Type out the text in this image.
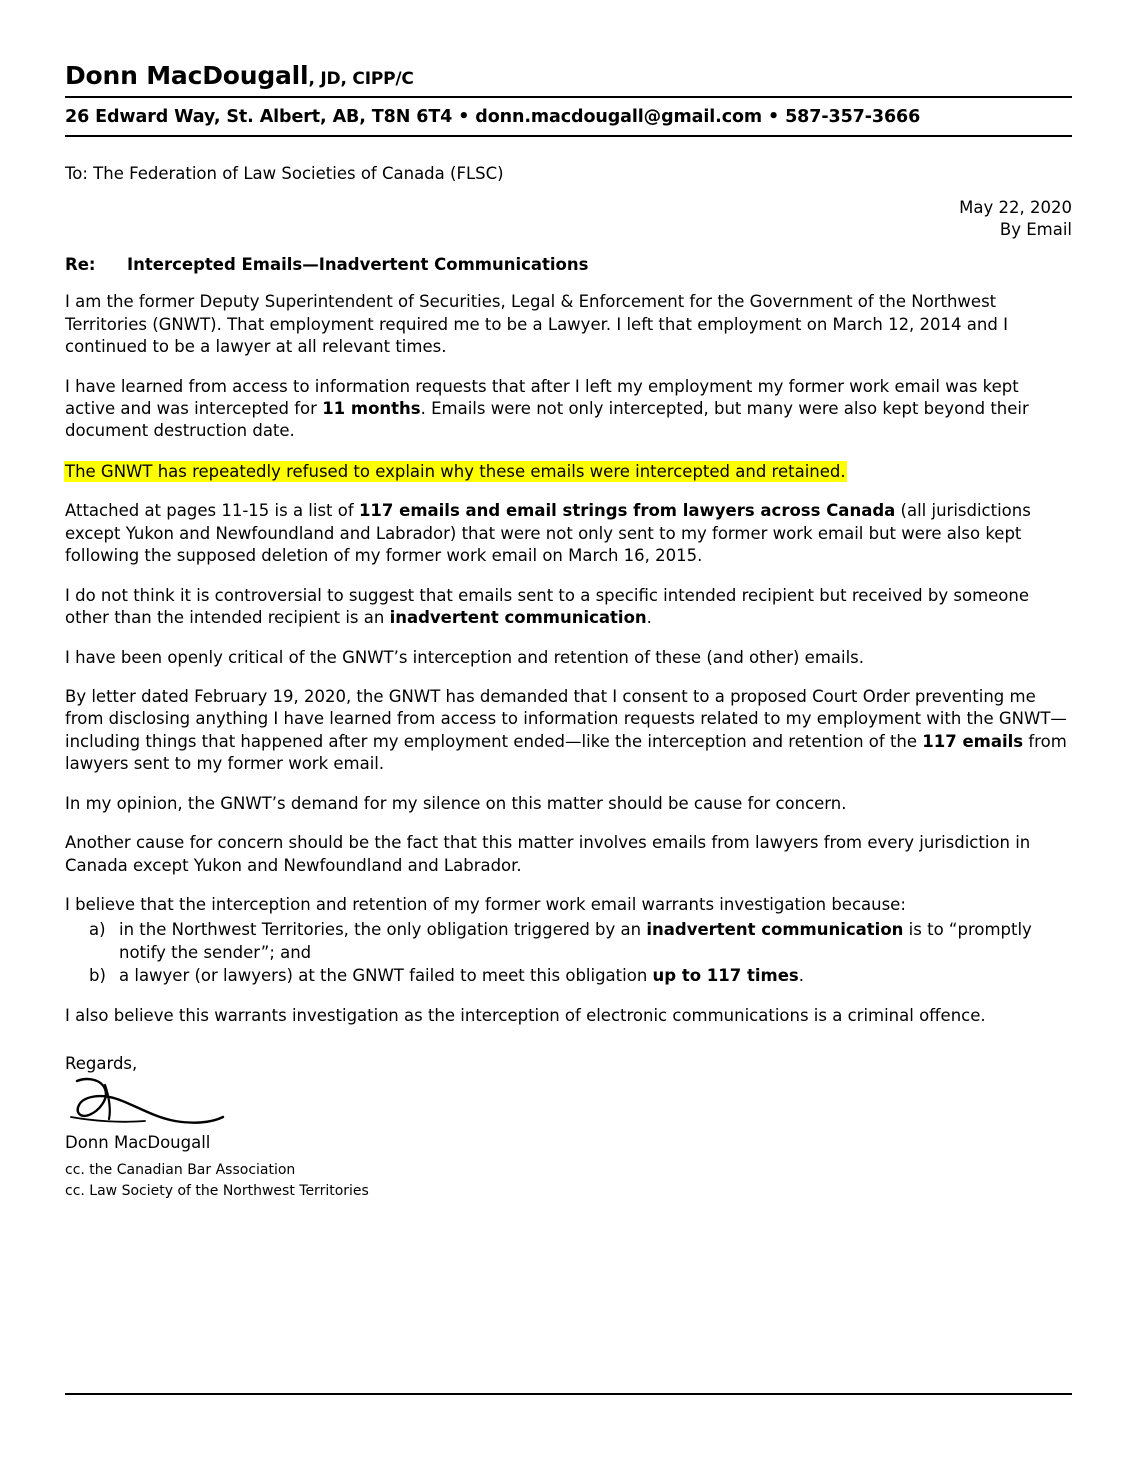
Donn MacDougall, JD, CIPP/C
26 Edward Way, St. Albert, AB, T8N 6T4 • donn.macdougall@gmail.com • 587-357-3666
To: The Federation of Law Societies of Canada (FLSC)
May 22, 2020
By Email
Re:	Intercepted Emails—Inadvertent Communications

I am the former Deputy Superintendent of Securities, Legal & Enforcement for the Government of the Northwest Territories (GNWT). That employment required me to be a Lawyer. I left that employment on March 12, 2014 and I continued to be a lawyer at all relevant times.

I have learned from access to information requests that after I left my employment my former work email was kept active and was intercepted for 11 months. Emails were not only intercepted, but many were also kept beyond their document destruction date.

The GNWT has repeatedly refused to explain why these emails were intercepted and retained.

Attached at pages 11-15 is a list of 117 emails and email strings from lawyers across Canada (all jurisdictions except Yukon and Newfoundland and Labrador) that were not only sent to my former work email but were also kept following the supposed deletion of my former work email on March 16, 2015.

I do not think it is controversial to suggest that emails sent to a specific intended recipient but received by someone other than the intended recipient is an inadvertent communication.

I have been openly critical of the GNWT’s interception and retention of these (and other) emails.

By letter dated February 19, 2020, the GNWT has demanded that I consent to a proposed Court Order preventing me from disclosing anything I have learned from access to information requests related to my employment with the GNWT—including things that happened after my employment ended—like the interception and retention of the 117 emails from lawyers sent to my former work email.

In my opinion, the GNWT’s demand for my silence on this matter should be cause for concern.

Another cause for concern should be the fact that this matter involves emails from lawyers from every jurisdiction in Canada except Yukon and Newfoundland and Labrador.

I believe that the interception and retention of my former work email warrants investigation because:

a) in the Northwest Territories, the only obligation triggered by an inadvertent communication is to “promptly notify the sender”; and
b) a lawyer (or lawyers) at the GNWT failed to meet this obligation up to 117 times.

I also believe this warrants investigation as the interception of electronic communications is a criminal offence.

Regards,
Donn MacDougall
cc. the Canadian Bar Association
cc. Law Society of the Northwest Territories
